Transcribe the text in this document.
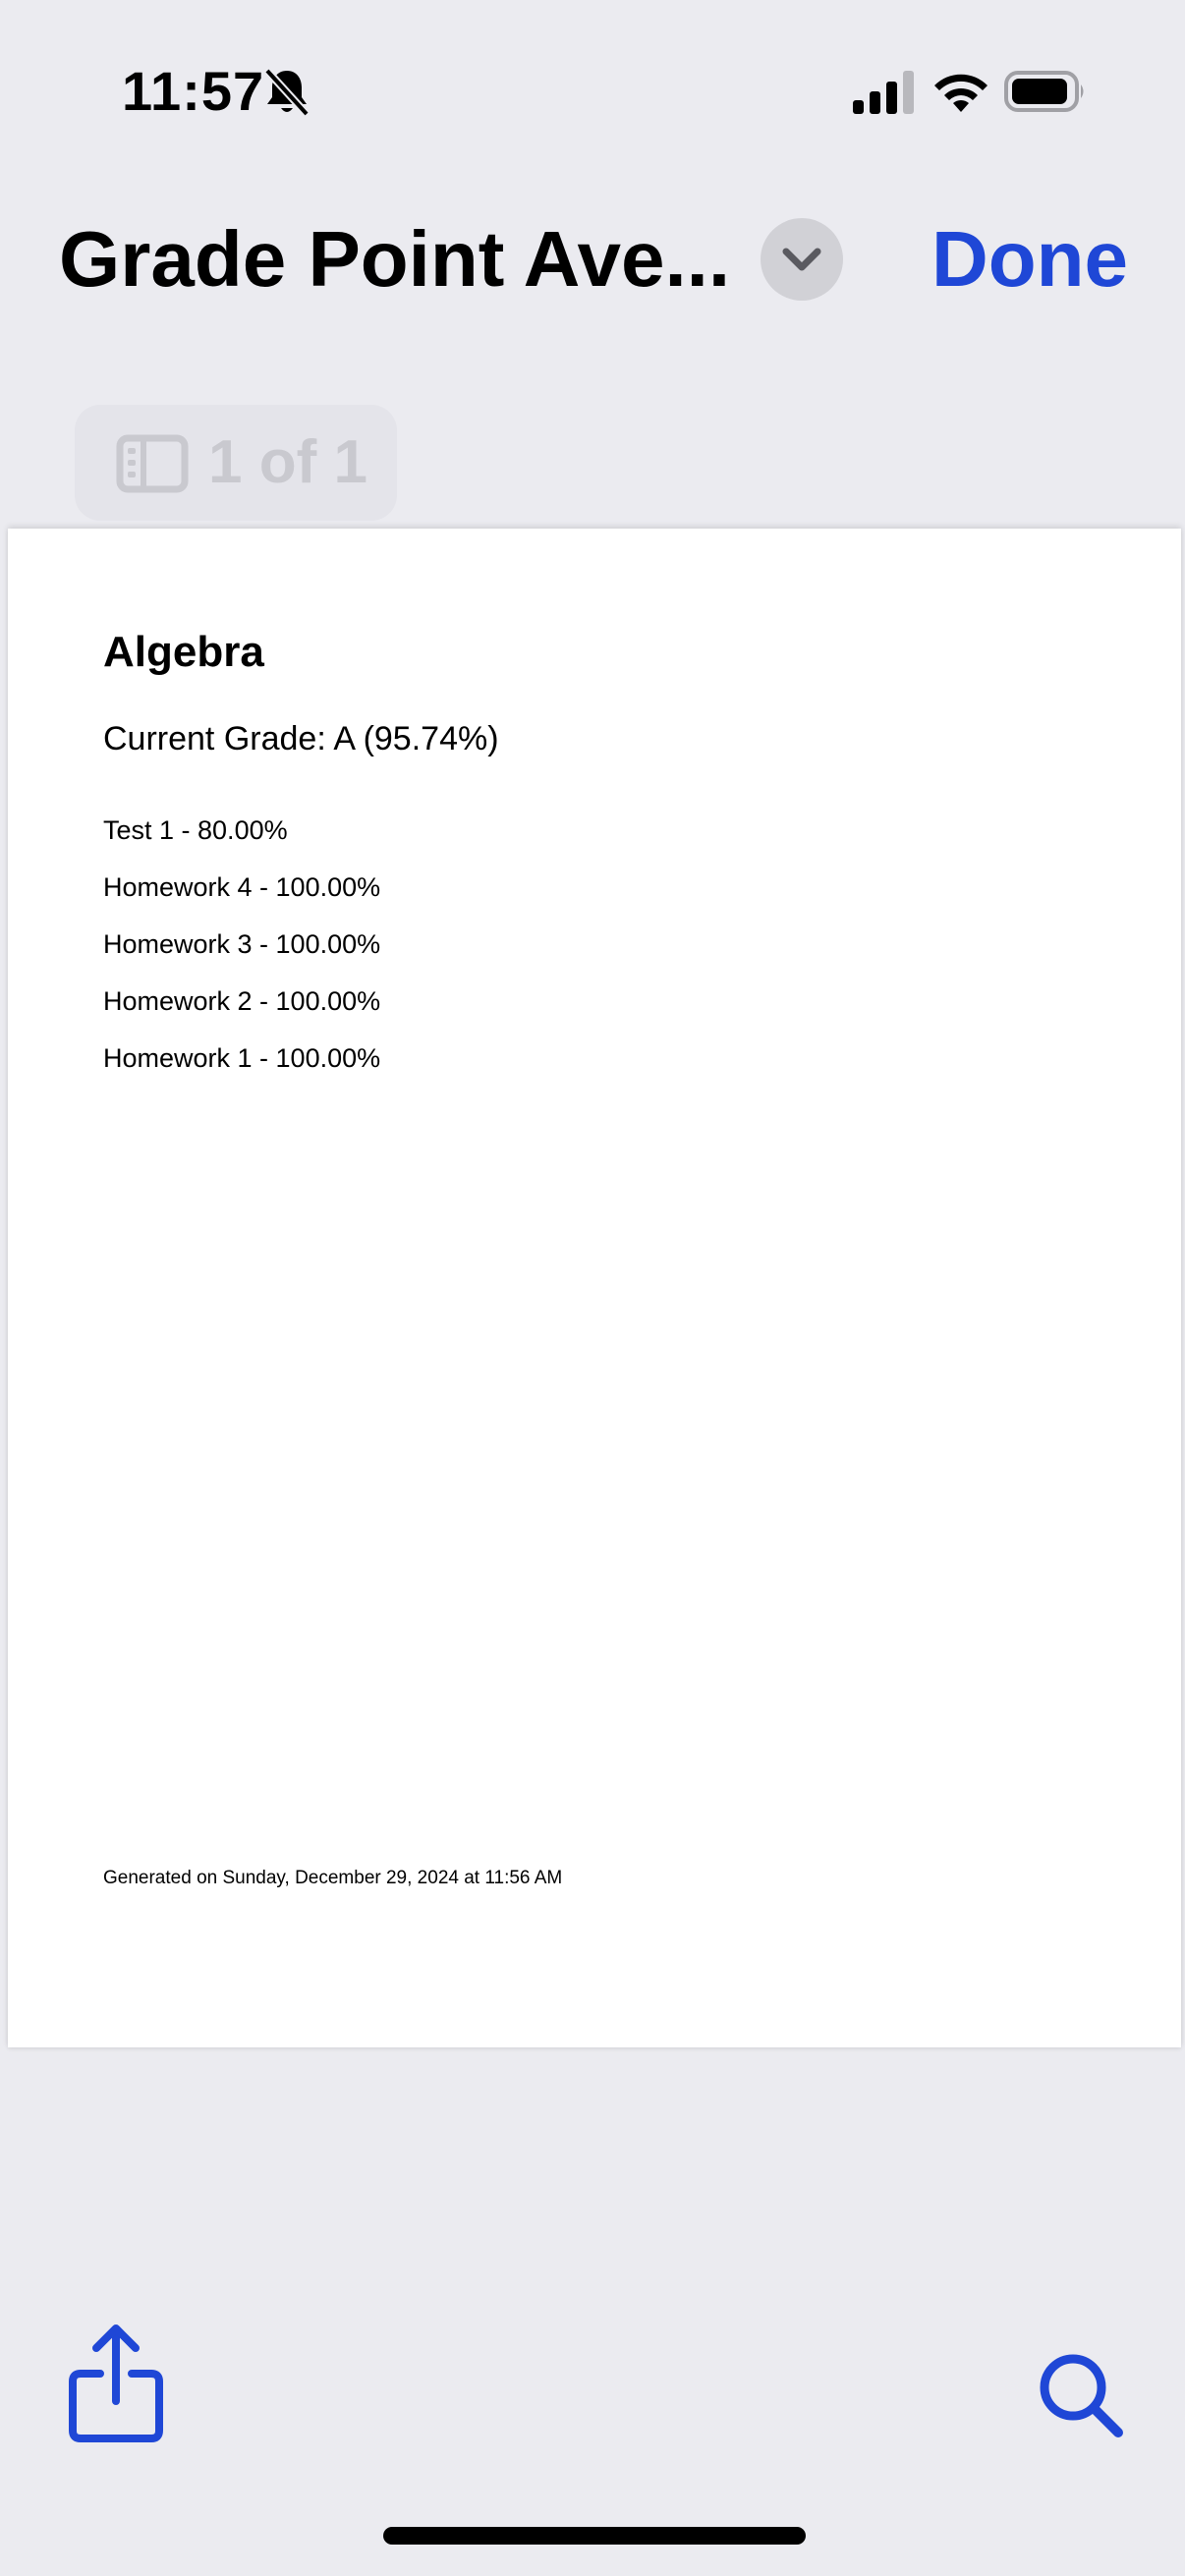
11:57
Grade Point Ave...	Done
1 of 1
Algebra
Current Grade: A (95.74%)
Test 1 - 80.00%
Homework 4 - 100.00%
Homework 3 - 100.00%
Homework 2 - 100.00%
Homework 1 - 100.00%
Generated on Sunday, December 29, 2024 at 11:56 AM
